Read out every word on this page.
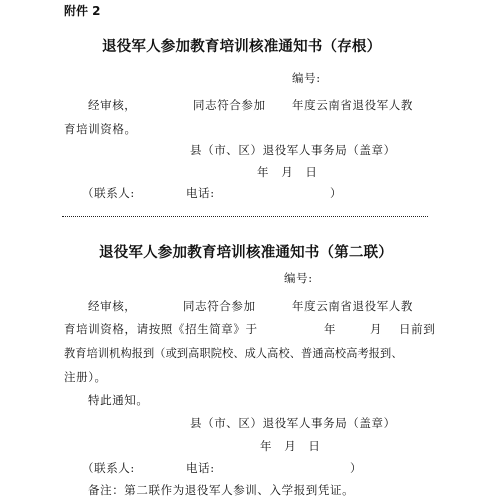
附件 2
退役军人参加教育培训核准通知书（存根）
编号:
经审核，	同志符合参加 年度云南省退役军人教
育培训资格。
县（市、区）退役军人事务局（盖章）
年　月　日
（联系人:	电话:	）
退役军人参加教育培训核准通知书（第二联）
编号:
经审核，	同志符合参加	年度云南省退役军人教
育培训资格，请按照《招生简章》于	年	月 日前到
教育培训机构报到（或到高职院校、成人高校、普通高校高考报到、
注册）。
特此通知。
县（市、区）退役军人事务局（盖章）
年　月　日
（联系人:	电话:	）
备注：第二联作为退役军人参训、入学报到凭证。
